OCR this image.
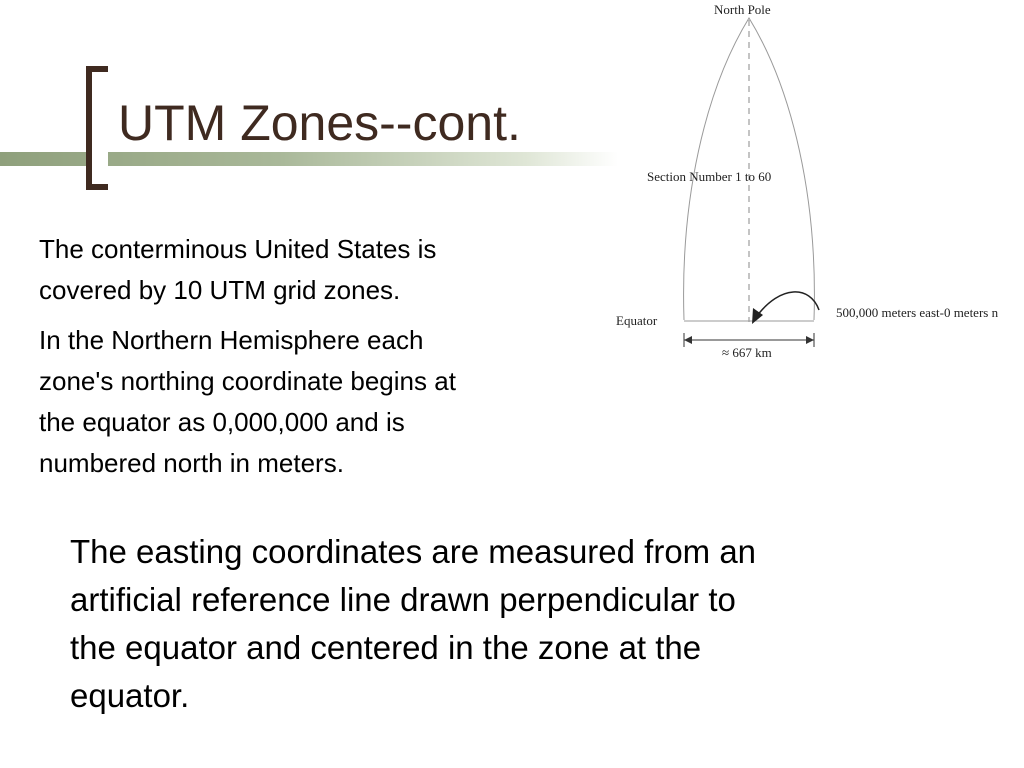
UTM Zones--cont.

The conterminous United States is
covered by 10 UTM grid zones.

In the Northern Hemisphere each
zone's northing coordinate begins at
the equator as 0,000,000 and is
numbered north in meters.

The easting coordinates are measured from an
artificial reference line drawn perpendicular to
the equator and centered in the zone at the
equator.

North Pole
Section Number 1 to 60
Equator
500,000 meters east-0 meters n
≈ 667 km
